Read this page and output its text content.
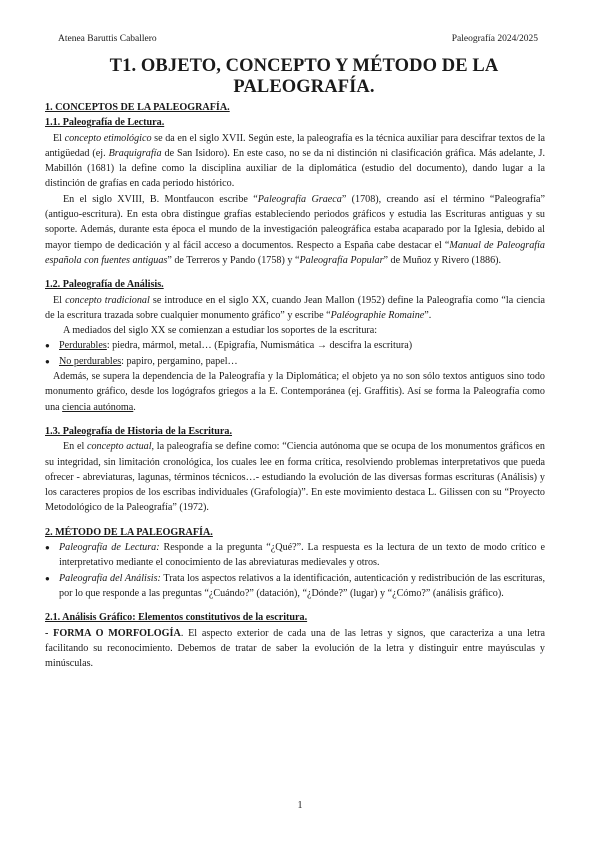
Atenea Baruttis Caballero	Paleografía 2024/2025
T1. OBJETO, CONCEPTO Y MÉTODO DE LA PALEOGRAFÍA.
1. CONCEPTOS DE LA PALEOGRAFÍA.
1.1. Paleografía de Lectura.

El concepto etimológico se da en el siglo XVII. Según este, la paleografía es la técnica auxiliar para descifrar textos de la antigüedad (ej. Braquigrafía de San Isidoro). En este caso, no se da ni distinción ni clasificación gráfica. Más adelante, J. Mabillón (1681) la define como la disciplina auxiliar de la diplomática (estudio del documento), dando lugar a la distinción de grafías en cada periodo histórico.

En el siglo XVIII, B. Montfaucon escribe “Paleografía Graeca” (1708), creando así el término “Paleografía” (antiguo-escritura). En esta obra distingue grafías estableciendo periodos gráficos y estudia las Escrituras antiguas y su soporte. Además, durante esta época el mundo de la investigación paleográfica estaba acaparado por la Iglesia, debido al mayor tiempo de dedicación y al fácil acceso a documentos. Respecto a España cabe destacar el “Manual de Paleografía española con fuentes antiguas” de Terreros y Pando (1758) y “Paleografía Popular” de Muñoz y Rivero (1886).

1.2. Paleografía de Análisis.

El concepto tradicional se introduce en el siglo XX, cuando Jean Mallon (1952) define la Paleografía como “la ciencia de la escritura trazada sobre cualquier monumento gráfico” y escribe “Paléographie Romaine”.

A mediados del siglo XX se comienzan a estudiar los soportes de la escritura:

● Perdurables: piedra, mármol, metal… (Epigrafía, Numismática → descifra la escritura)
● No perdurables: papiro, pergamino, papel…

Además, se supera la dependencia de la Paleografía y la Diplomática; el objeto ya no son sólo textos antiguos sino todo monumento gráfico, desde los logógrafos griegos a la E. Contemporánea (ej. Graffitis). Así se forma la Paleografía como una ciencia autónoma.

1.3. Paleografía de Historia de la Escritura.

En el concepto actual, la paleografía se define como: “Ciencia autónoma que se ocupa de los monumentos gráficos en su integridad, sin limitación cronológica, los cuales lee en forma crítica, resolviendo problemas interpretativos que pueda ofrecer - abreviaturas, lagunas, términos técnicos…- estudiando la evolución de las diversas formas escrituras (Análisis) y los caracteres propios de los escribas individuales (Grafología)”. En este movimiento destaca L. Gilissen con su “Proyecto Metodológico de la Paleografía” (1972).

2. MÉTODO DE LA PALEOGRAFÍA.
● Paleografía de Lectura: Responde a la pregunta “¿Qué?”. La respuesta es la lectura de un texto de modo crítico e interpretativo mediante el conocimiento de las abreviaturas medievales y otros.
● Paleografía del Análisis: Trata los aspectos relativos a la identificación, autenticación y redistribución de las escrituras, por lo que responde a las preguntas “¿Cuándo?” (datación), “¿Dónde?” (lugar) y “¿Cómo?” (análisis gráfico).
2.1. Análisis Gráfico: Elementos constitutivos de la escritura.

- FORMA O MORFOLOGÍA. El aspecto exterior de cada una de las letras y signos, que caracteriza a una letra facilitando su reconocimiento. Debemos de tratar de saber la evolución de la letra y distinguir entre mayúsculas y minúsculas.

1
